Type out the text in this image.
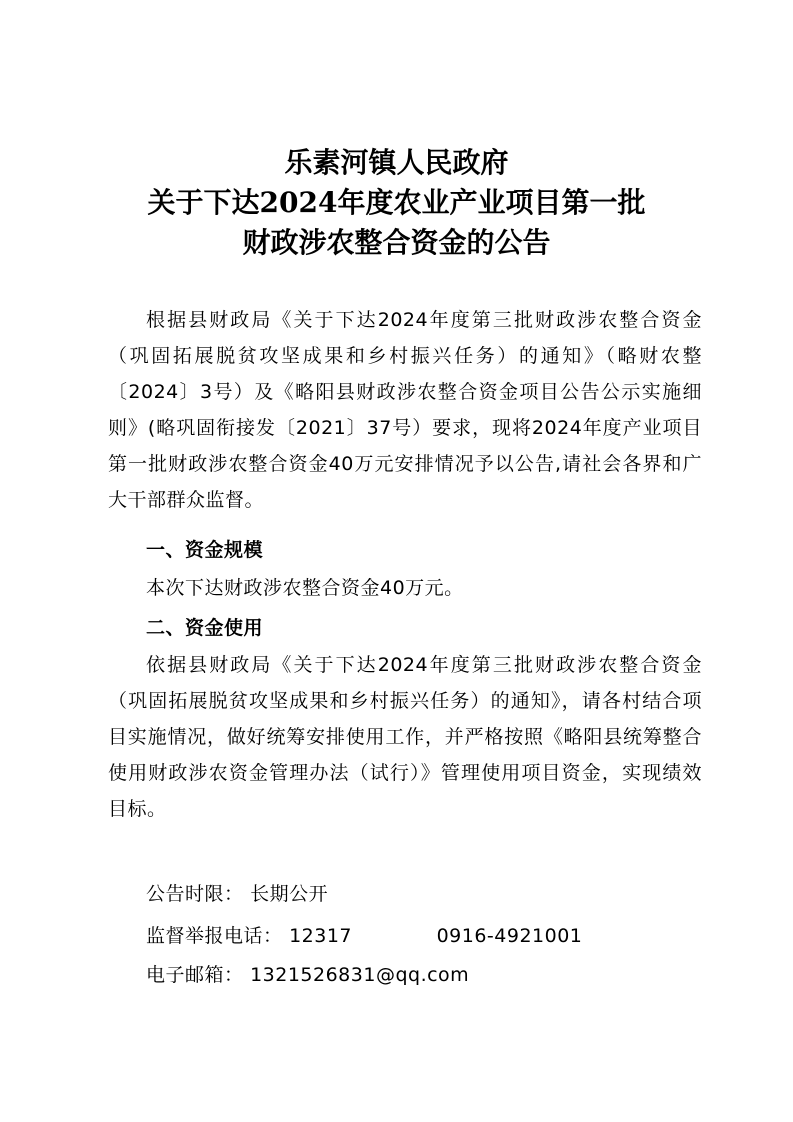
乐素河镇人民政府
关于下达2024年度农业产业项目第一批
财政涉农整合资金的公告
根据县财政局《关于下达2024年度第三批财政涉农整合资金（巩固拓展脱贫攻坚成果和乡村振兴任务）的通知》（略财农整〔2024〕3号）及《略阳县财政涉农整合资金项目公告公示实施细则》(略巩固衔接发〔2021〕37号）要求，现将2024年度产业项目第一批财政涉农整合资金40万元安排情况予以公告,请社会各界和广大干部群众监督。
一、资金规模
本次下达财政涉农整合资金40万元。
二、资金使用
依据县财政局《关于下达2024年度第三批财政涉农整合资金（巩固拓展脱贫攻坚成果和乡村振兴任务）的通知》，请各村结合项目实施情况，做好统筹安排使用工作，并严格按照《略阳县统筹整合使用财政涉农资金管理办法（试行）》管理使用项目资金，实现绩效目标。
公告时限： 长期公开
监督举报电话： 12317	0916-4921001
电子邮箱： 1321526831@qq.com
